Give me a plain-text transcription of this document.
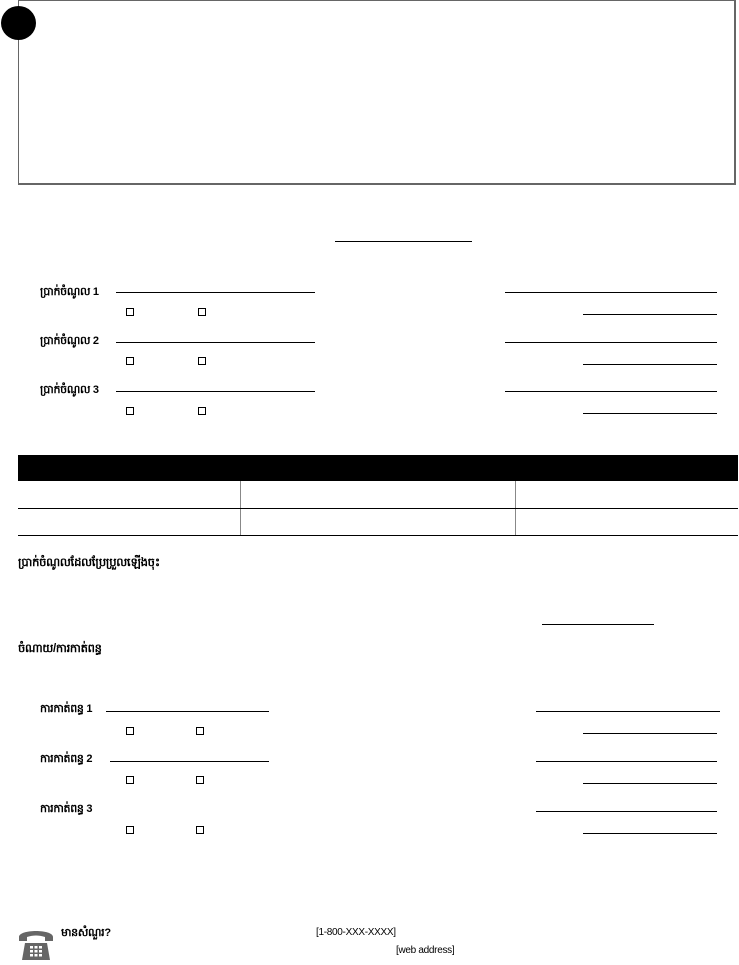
ប្រាក់ចំណូល 1
ប្រាក់ចំណូល 2
ប្រាក់ចំណូល 3
ប្រាក់ចំណូលដែលប្រែប្រួលឡើងចុះ
ចំណាយ/ការកាត់ពន្ធ
ការកាត់ពន្ធ 1
ការកាត់ពន្ធ 2
ការកាត់ពន្ធ 3
មានសំណួរ?	[1-800-XXX-XXXX]
[web address]
